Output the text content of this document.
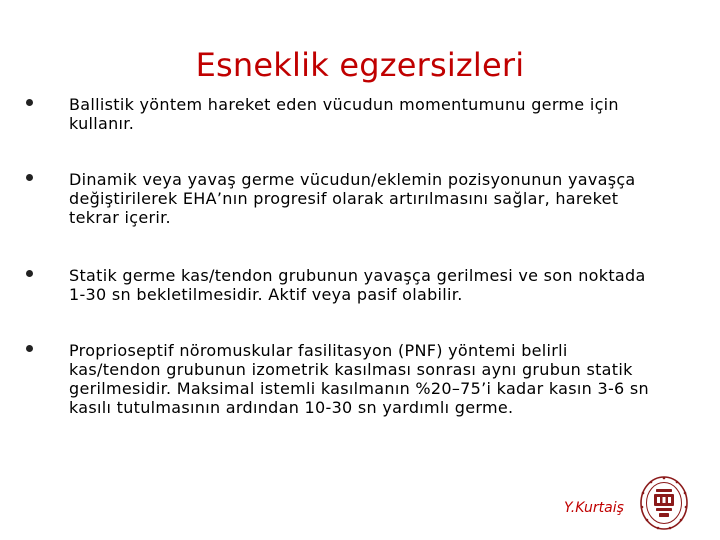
Esneklik egzersizleri
Ballistik yöntem hareket eden vücudun momentumunu germe için kullanır.
Dinamik veya yavaş germe vücudun/eklemin pozisyonunun yavaşça değiştirilerek EHA’nın progresif olarak artırılmasını sağlar, hareket tekrar içerir.
Statik germe kas/tendon grubunun yavaşça gerilmesi ve son noktada 1-30 sn bekletilmesidir. Aktif veya pasif olabilir.
Proprioseptif nöromuskular fasilitasyon (PNF) yöntemi belirli kas/tendon grubunun izometrik kasılması sonrası aynı grubun statik gerilmesidir. Maksimal istemli kasılmanın %20–75’i kadar kasın 3-6 sn kasılı tutulmasının ardından 10-30 sn yardımlı germe.

Y.Kurtaiş
